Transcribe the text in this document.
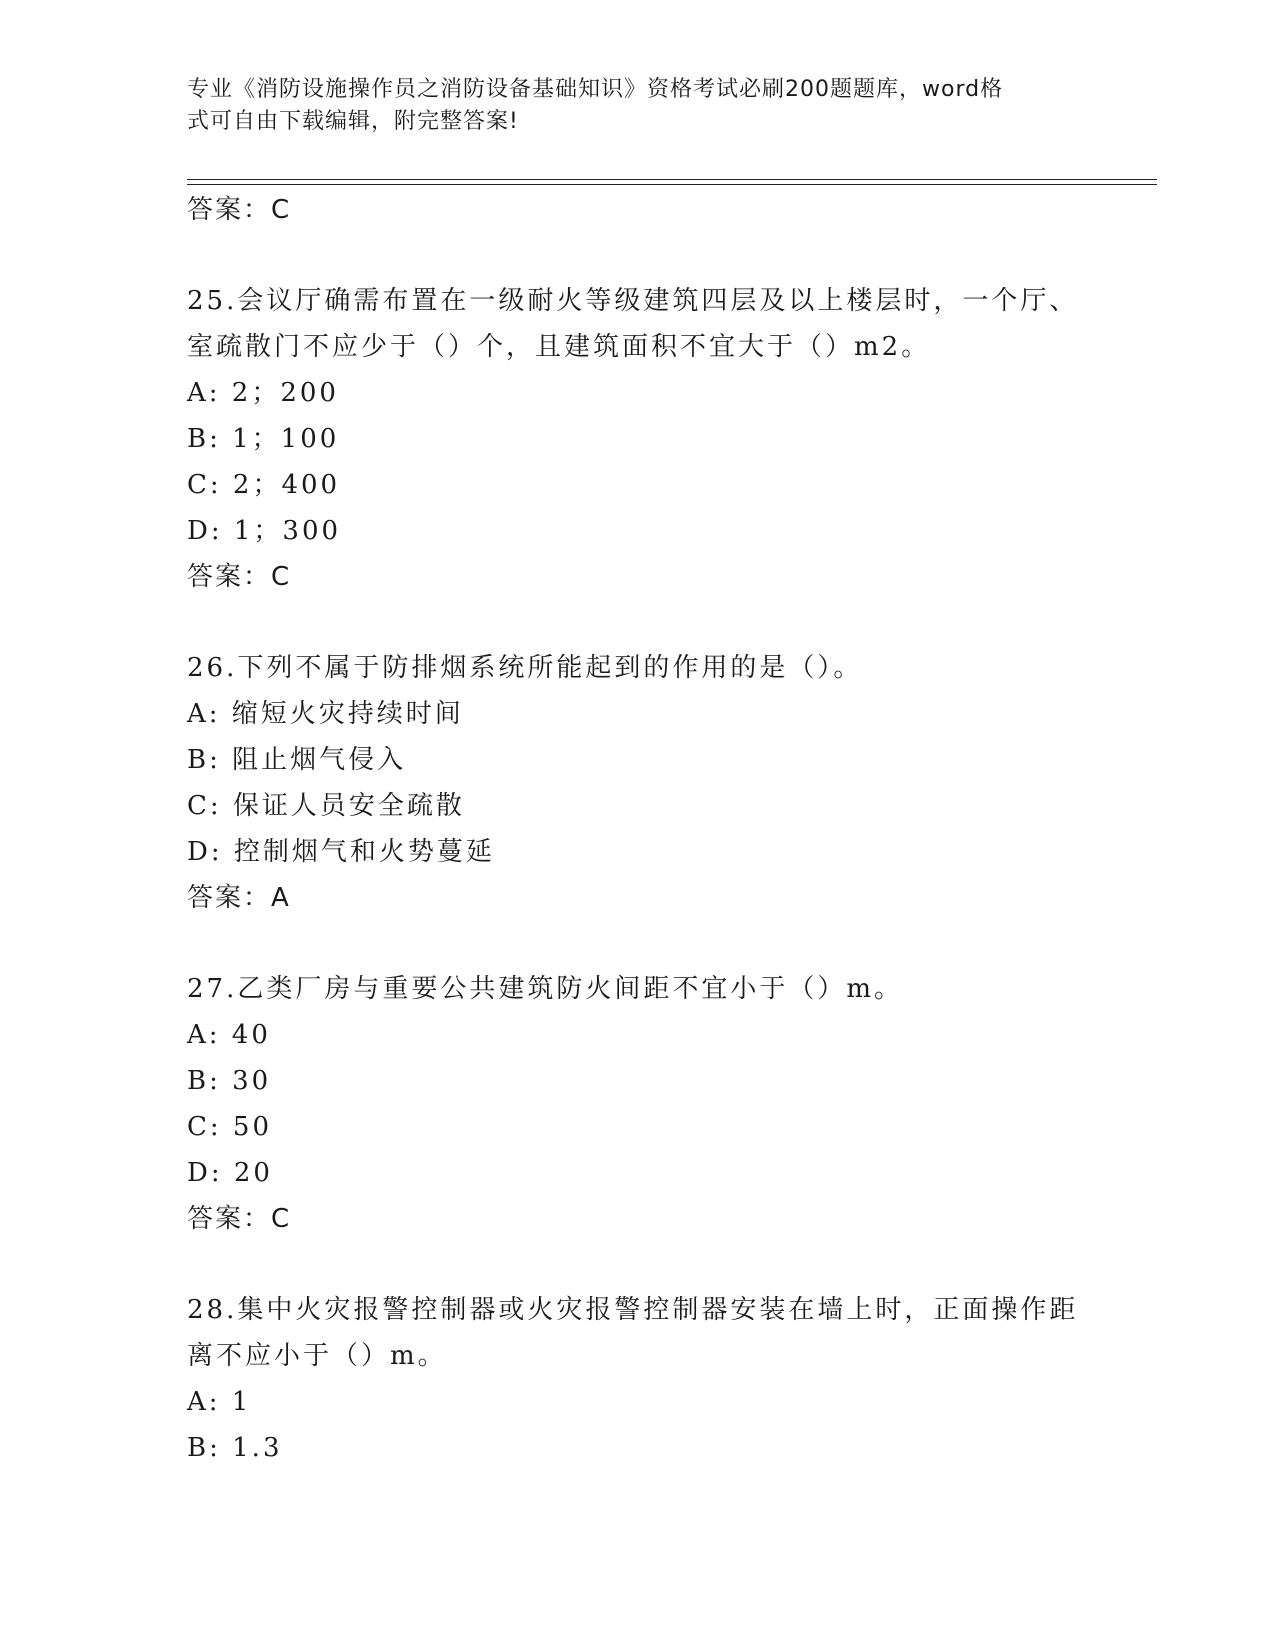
专业《消防设施操作员之消防设备基础知识》资格考试必刷200题题库，word格
式可自由下载编辑，附完整答案!
答案：C
25.会议厅确需布置在一级耐火等级建筑四层及以上楼层时，一个厅、
室疏散门不应少于（）个，且建筑面积不宜大于（）m2。
A: 2；200
B: 1；100
C: 2；400
D: 1；300
答案：C
26.下列不属于防排烟系统所能起到的作用的是（）。
A: 缩短火灾持续时间
B: 阻止烟气侵入
C: 保证人员安全疏散
D: 控制烟气和火势蔓延
答案：A
27.乙类厂房与重要公共建筑防火间距不宜小于（）m。
A: 40
B: 30
C: 50
D: 20
答案：C
28.集中火灾报警控制器或火灾报警控制器安装在墙上时，正面操作距
离不应小于（）m。
A: 1
B: 1.3
